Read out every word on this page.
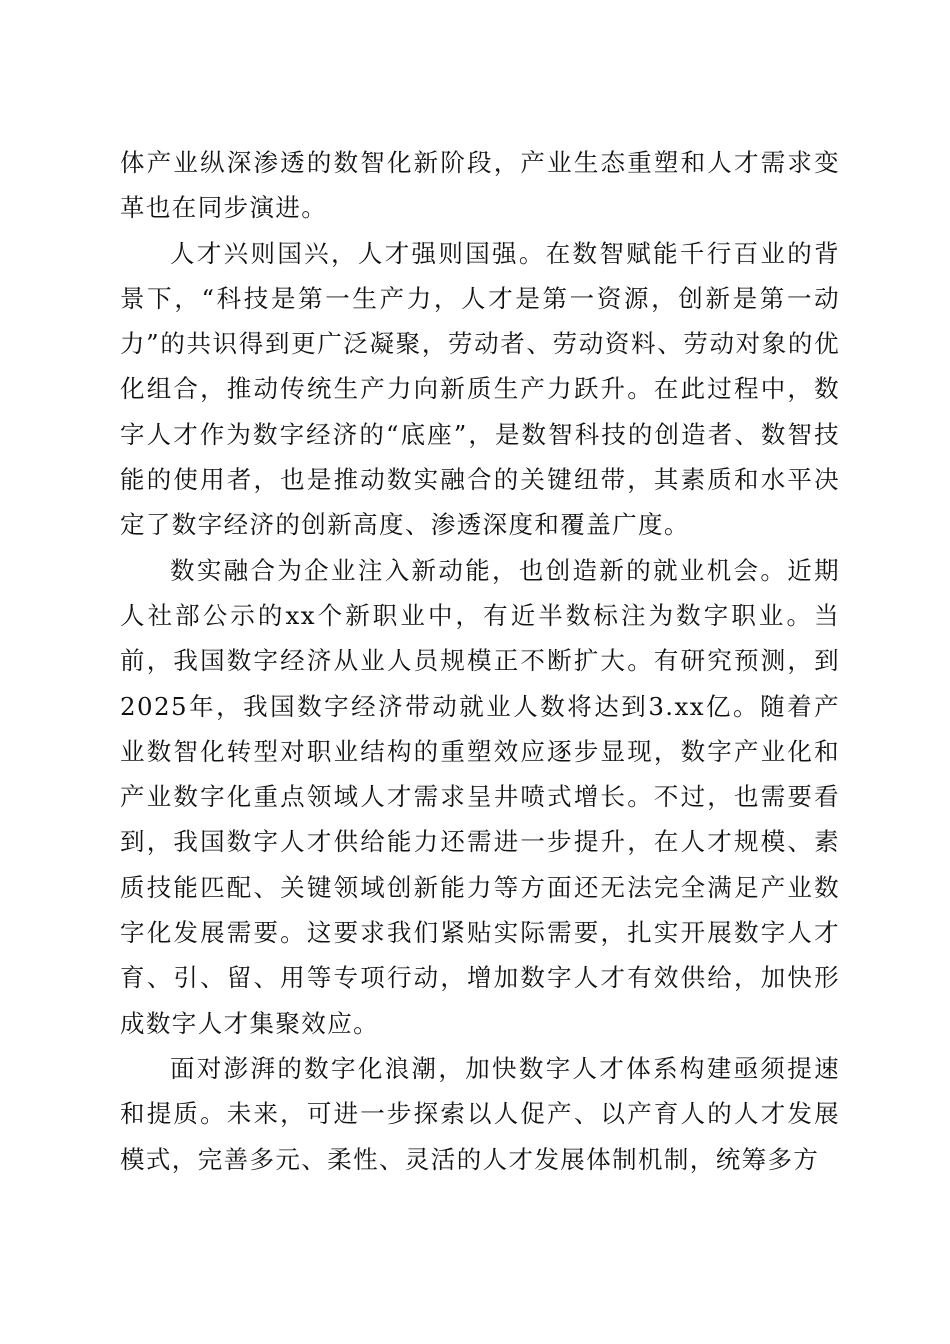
体产业纵深渗透的数智化新阶段，产业生态重塑和人才需求变革也在同步演进。

人才兴则国兴，人才强则国强。在数智赋能千行百业的背景下，“科技是第一生产力，人才是第一资源，创新是第一动力”的共识得到更广泛凝聚，劳动者、劳动资料、劳动对象的优化组合，推动传统生产力向新质生产力跃升。在此过程中，数字人才作为数字经济的“底座”，是数智科技的创造者、数智技能的使用者，也是推动数实融合的关键纽带，其素质和水平决定了数字经济的创新高度、渗透深度和覆盖广度。

数实融合为企业注入新动能，也创造新的就业机会。近期人社部公示的xx个新职业中，有近半数标注为数字职业。当前，我国数字经济从业人员规模正不断扩大。有研究预测，到2025年，我国数字经济带动就业人数将达到3.xx亿。随着产业数智化转型对职业结构的重塑效应逐步显现，数字产业化和产业数字化重点领域人才需求呈井喷式增长。不过，也需要看到，我国数字人才供给能力还需进一步提升，在人才规模、素质技能匹配、关键领域创新能力等方面还无法完全满足产业数字化发展需要。这要求我们紧贴实际需要，扎实开展数字人才育、引、留、用等专项行动，增加数字人才有效供给，加快形成数字人才集聚效应。

面对澎湃的数字化浪潮，加快数字人才体系构建亟须提速和提质。未来，可进一步探索以人促产、以产育人的人才发展模式，完善多元、柔性、灵活的人才发展体制机制，统筹多方
